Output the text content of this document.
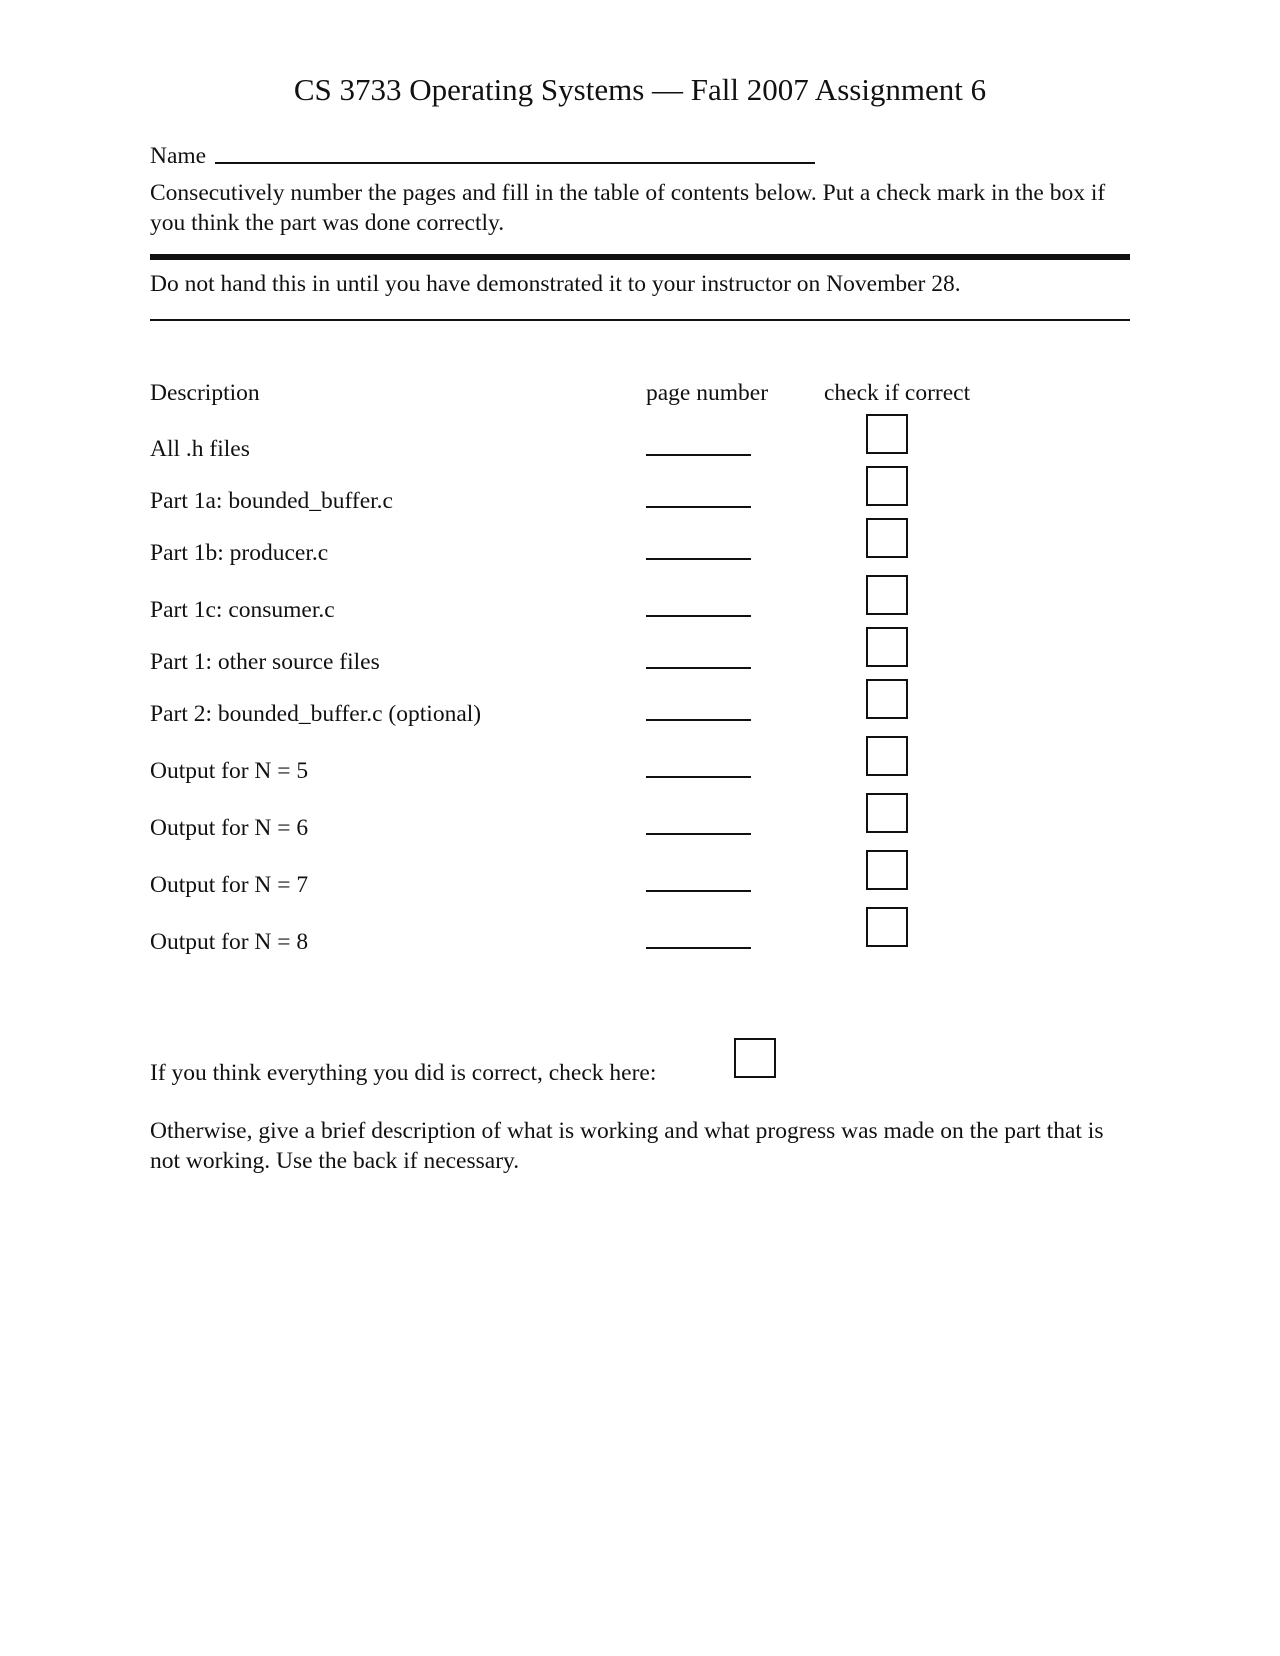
CS 3733 Operating Systems — Fall 2007 Assignment 6
Name
Consecutively number the pages and fill in the table of contents below. Put a check mark in the box if you think the part was done correctly.
Do not hand this in until you have demonstrated it to your instructor on November 28.
Description	page number check if correct
All .h files
Part 1a: bounded_buffer.c
Part 1b: producer.c
Part 1c: consumer.c
Part 1: other source files
Part 2: bounded_buffer.c (optional)
Output for N = 5
Output for N = 6
Output for N = 7
Output for N = 8
If you think everything you did is correct, check here:
Otherwise, give a brief description of what is working and what progress was made on the part that is not working. Use the back if necessary.
